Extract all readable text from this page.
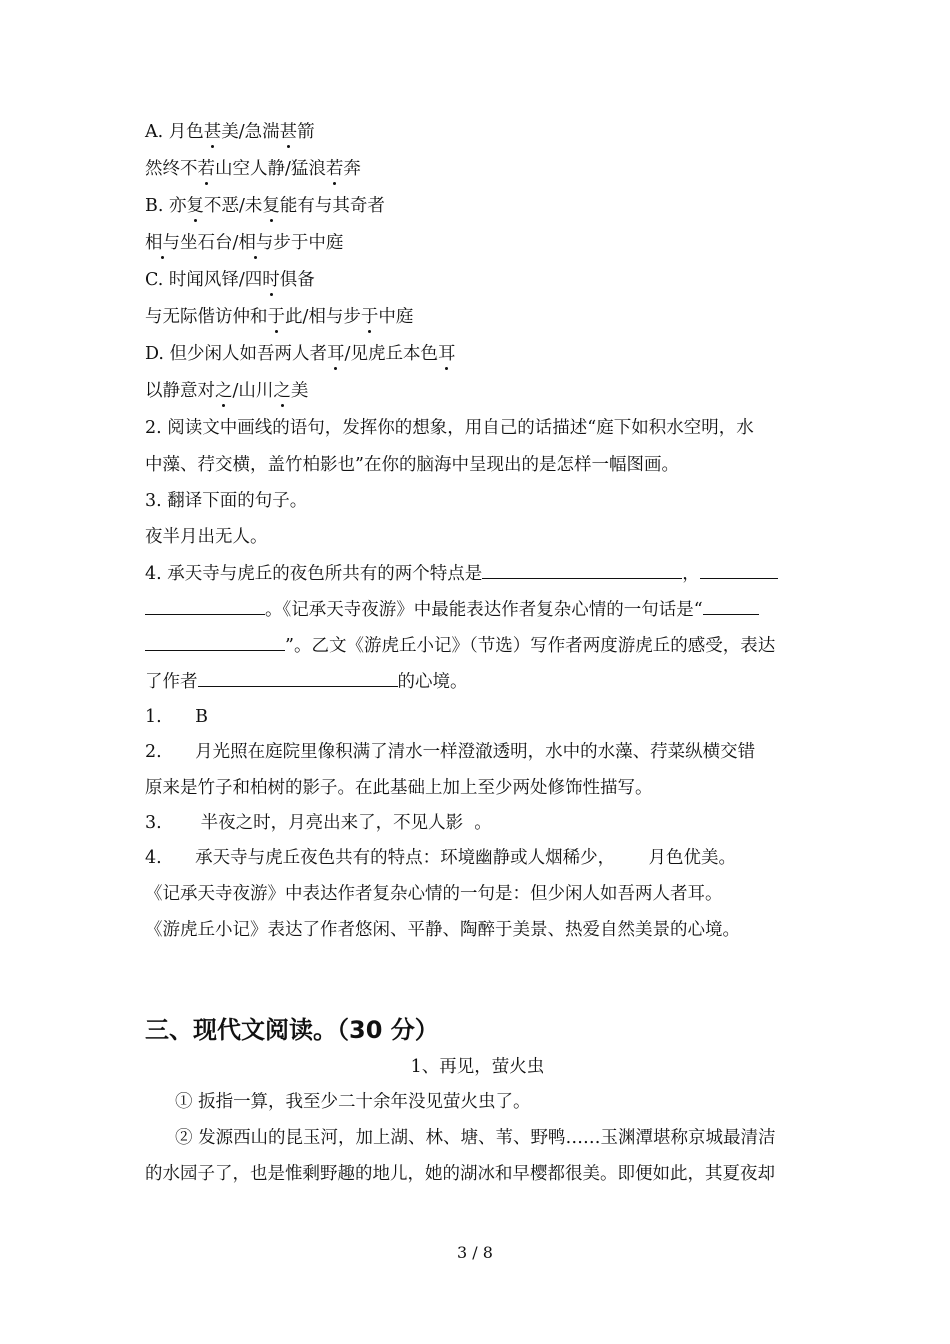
A. 月色甚美/急湍甚箭
然终不若山空人静/猛浪若奔
B. 亦复不恶/未复能有与其奇者
相与坐石台/相与步于中庭
C. 时闻风铎/四时俱备
与无际偕访仲和于此/相与步于中庭
D. 但少闲人如吾两人者耳/见虎丘本色耳
以静意对之/山川之美
2. 阅读文中画线的语句，发挥你的想象，用自己的话描述“庭下如积水空明，水
中藻、荇交横，盖竹柏影也”在你的脑海中呈现出的是怎样一幅图画。
3. 翻译下面的句子。
夜半月出无人。
4. 承天寺与虎丘的夜色所共有的两个特点是	，
。《记承天寺夜游》中最能表达作者复杂心情的一句话是“
”。乙文《游虎丘小记》（节选）写作者两度游虎丘的感受，表达
了作者	的心境。
1.      B
2.      月光照在庭院里像积满了清水一样澄澈透明，水中的水藻、荇菜纵横交错
原来是竹子和柏树的影子。在此基础上加上至少两处修饰性描写。
3.       半夜之时，月亮出来了，不见人影  。
4.      承天寺与虎丘夜色共有的特点：环境幽静或人烟稀少，      月色优美。
《记承天寺夜游》中表达作者复杂心情的一句是：但少闲人如吾两人者耳。
《游虎丘小记》表达了作者悠闲、平静、陶醉于美景、热爱自然美景的心境。
三、现代文阅读。（30 分）
1、再见，萤火虫
① 扳指一算，我至少二十余年没见萤火虫了。
② 发源西山的昆玉河，加上湖、林、塘、苇、野鸭……玉渊潭堪称京城最清洁
的水园子了，也是惟剩野趣的地儿，她的湖冰和早樱都很美。即便如此，其夏夜却
3 / 8
